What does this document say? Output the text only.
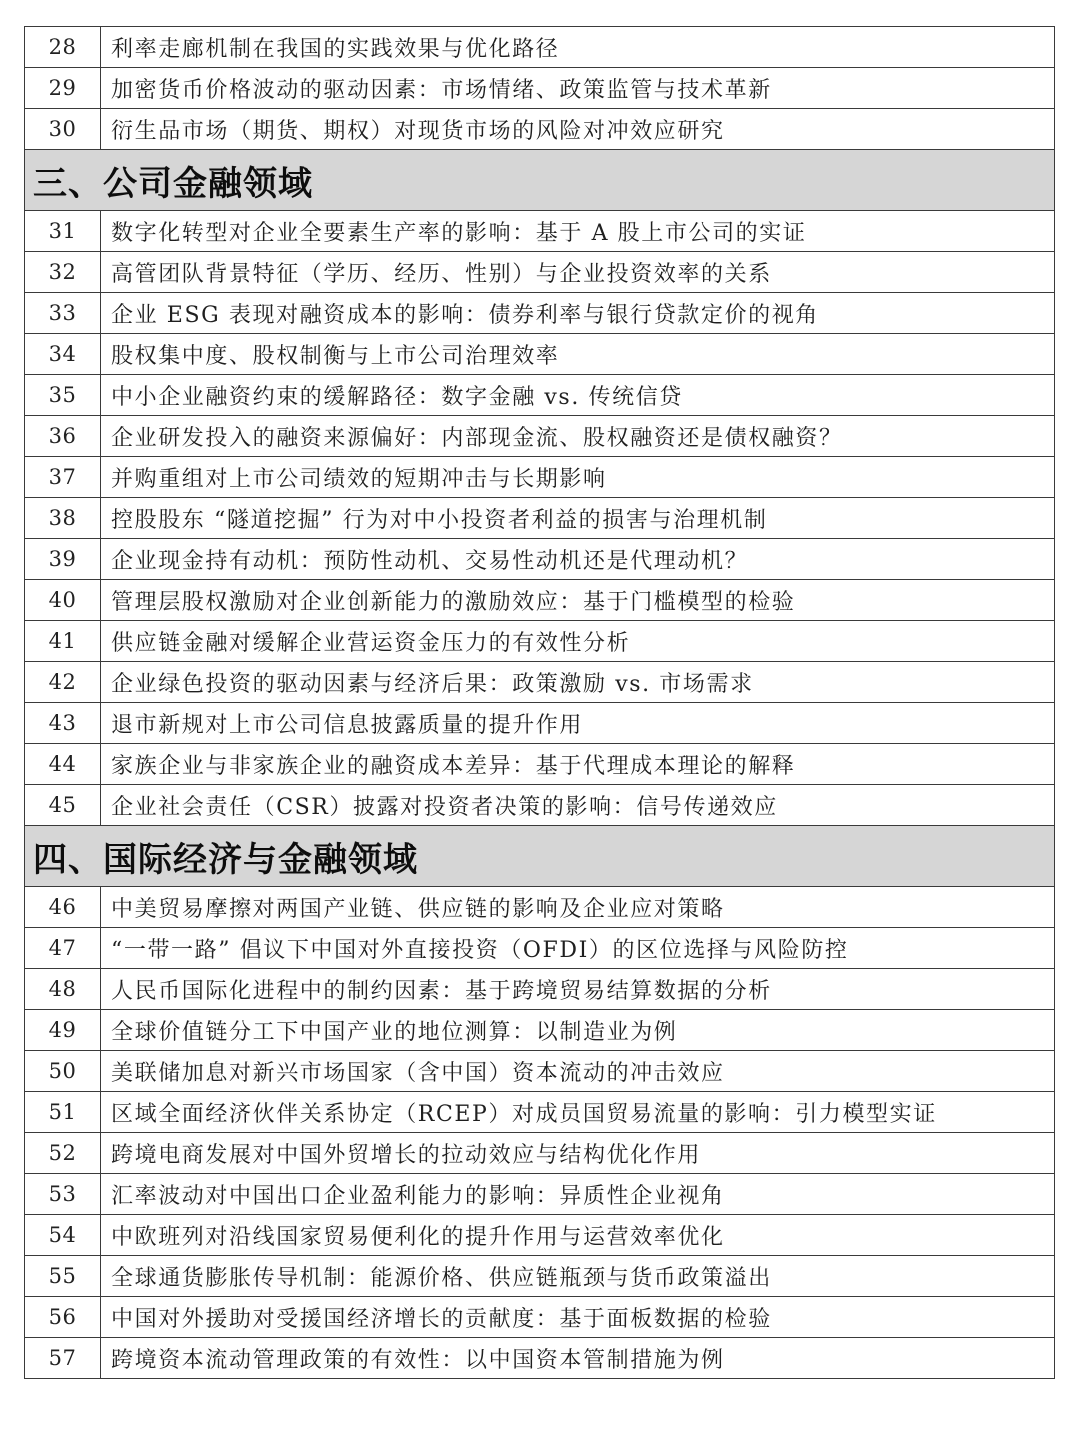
28	利率走廊机制在我国的实践效果与优化路径
29	加密货币价格波动的驱动因素：市场情绪、政策监管与技术革新
30	衍生品市场（期货、期权）对现货市场的风险对冲效应研究
三、公司金融领域	
31	数字化转型对企业全要素生产率的影响：基于 A 股上市公司的实证
32	高管团队背景特征（学历、经历、性别）与企业投资效率的关系
33	企业 ESG 表现对融资成本的影响：债券利率与银行贷款定价的视角
34	股权集中度、股权制衡与上市公司治理效率
35	中小企业融资约束的缓解路径：数字金融 vs. 传统信贷
36	企业研发投入的融资来源偏好：内部现金流、股权融资还是债权融资？
37	并购重组对上市公司绩效的短期冲击与长期影响
38	控股股东 “隧道挖掘” 行为对中小投资者利益的损害与治理机制
39	企业现金持有动机：预防性动机、交易性动机还是代理动机？
40	管理层股权激励对企业创新能力的激励效应：基于门槛模型的检验
41	供应链金融对缓解企业营运资金压力的有效性分析
42	企业绿色投资的驱动因素与经济后果：政策激励 vs. 市场需求
43	退市新规对上市公司信息披露质量的提升作用
44	家族企业与非家族企业的融资成本差异：基于代理成本理论的解释
45	企业社会责任（CSR）披露对投资者决策的影响：信号传递效应
四、国际经济与金融领域	
46	中美贸易摩擦对两国产业链、供应链的影响及企业应对策略
47	“一带一路” 倡议下中国对外直接投资（OFDI）的区位选择与风险防控
48	人民币国际化进程中的制约因素：基于跨境贸易结算数据的分析
49	全球价值链分工下中国产业的地位测算：以制造业为例
50	美联储加息对新兴市场国家（含中国）资本流动的冲击效应
51	区域全面经济伙伴关系协定（RCEP）对成员国贸易流量的影响：引力模型实证
52	跨境电商发展对中国外贸增长的拉动效应与结构优化作用
53	汇率波动对中国出口企业盈利能力的影响：异质性企业视角
54	中欧班列对沿线国家贸易便利化的提升作用与运营效率优化
55	全球通货膨胀传导机制：能源价格、供应链瓶颈与货币政策溢出
56	中国对外援助对受援国经济增长的贡献度：基于面板数据的检验
57	跨境资本流动管理政策的有效性：以中国资本管制措施为例
